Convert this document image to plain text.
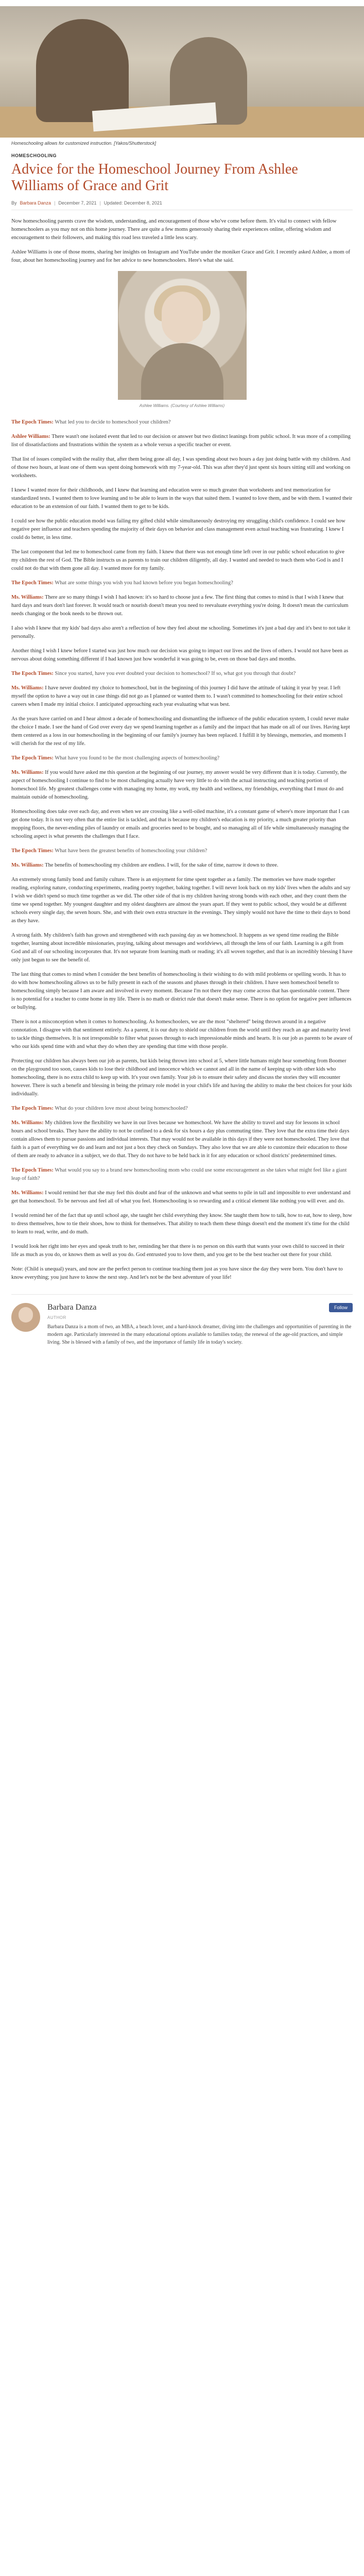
Homeschooling allows for customized instruction. [Yakos/Shutterstock]
HOMESCHOOLING
Advice for the Homeschool Journey From Ashlee Williams of Grace and Grit
By Barbara Danza | December 7, 2021 | Updated: December 8, 2021

Now homeschooling parents crave the wisdom, understanding, and encouragement of those who've come before them. It's vital to connect with fellow homeschoolers as you may not on this home journey. There are quite a few moms generously sharing their experiences online, offering wisdom and encouragement to their followers, and making this road less traveled a little less scary.

Ashlee Williams is one of those moms, sharing her insights on Instagram and YouTube under the moniker Grace and Grit. I recently asked Ashlee, a mom of four, about her homeschooling journey and for her advice to new homeschoolers. Here's what she said.

Ashlee Williams. (Courtesy of Ashlee Williams)

The Epoch Times: What led you to decide to homeschool your children?

Ashlee Williams: There wasn't one isolated event that led to our decision or answer but two distinct leanings from public school. It was more of a compiling list of dissatisfactions and frustrations within the system as a whole versus a specific teacher or event.

That list of issues compiled with the reality that, after them being gone all day, I was spending about two hours a day just doing battle with my children. And of those two hours, at least one of them was spent doing homework with my 7-year-old. This was after they'd just spent six hours sitting still and working on worksheets.

I knew I wanted more for their childhoods, and I knew that learning and education were so much greater than worksheets and test memorization for standardized tests. I wanted them to love learning and to be able to learn in the ways that suited them. I wanted to love them, and be with them. I wanted their education to be an extension of our faith. I wanted them to get to be kids.

I could see how the public education model was failing my gifted child while simultaneously destroying my struggling child's confidence. I could see how negative peer influence and teachers spending the majority of their days on behavior and class management even actual teaching was frustrating. I knew I could do better, in less time.

The last component that led me to homeschool came from my faith. I knew that there was not enough time left over in our public school education to give my children the rest of God. The Bible instructs us as parents to train our children diligently, all day. I wanted and needed to teach them who God is and I could not do that with them gone all day. I wanted more for my family.

The Epoch Times: What are some things you wish you had known before you began homeschooling?

Ms. Williams: There are so many things I wish I had known: it's so hard to choose just a few. The first thing that comes to mind is that I wish I knew that hard days and tears don't last forever. It would teach or nourish doesn't mean you need to reevaluate everything you're doing. It doesn't mean the curriculum needs changing or the book needs to be thrown out.

I also wish I knew that my kids' bad days also aren't a reflection of how they feel about me schooling. Sometimes it's just a bad day and it's best to not take it personally.

Another thing I wish I knew before I started was just how much our decision was going to impact our lives and the lives of others. I would not have been as nervous about doing something different if I had known just how wonderful it was going to be, even on those bad days and months.

The Epoch Times: Since you started, have you ever doubted your decision to homeschool? If so, what got you through that doubt?

Ms. Williams: I have never doubted my choice to homeschool, but in the beginning of this journey I did have the attitude of taking it year by year. I left myself the option to have a way out in case things did not go as I planned or wanted them to. I wasn't committed to homeschooling for their entire school careers when I made my initial choice. I anticipated approaching each year evaluating what was best.

As the years have carried on and I hear almost a decade of homeschooling and dismantling the influence of the public education system, I could never make the choice I made. I see the hand of God over every day we spend learning together as a family and the impact that has made on all of our lives. Having kept them centered as a loss in our homeschooling in the beginning of our family's journey has been replaced. I fulfill it by blessings, memories, and moments I will cherish for the rest of my life.

The Epoch Times: What have you found to be the most challenging aspects of homeschooling?

Ms. Williams: If you would have asked me this question at the beginning of our journey, my answer would be very different than it is today. Currently, the aspect of homeschooling I continue to find to be most challenging actually have very little to do with the actual instructing and teaching portion of homeschool life. My greatest challenges come with managing my home, my work, my health and wellness, my friendships, everything that I must do and maintain outside of homeschooling.

Homeschooling does take over each day, and even when we are crossing like a well-oiled machine, it's a constant game of where's more important that I can get done today. It is not very often that the entire list is tackled, and that is because my children's education is my priority, a much greater priority than mopping floors, the never-ending piles of laundry or emails and groceries need to be bought, and so managing all of life while simultaneously managing the schooling aspect is what presents the challenges that I face.

The Epoch Times: What have been the greatest benefits of homeschooling your children?

Ms. Williams: The benefits of homeschooling my children are endless. I will, for the sake of time, narrow it down to three.

An extremely strong family bond and family culture. There is an enjoyment for time spent together as a family. The memories we have made together reading, exploring nature, conducting experiments, reading poetry together, baking together. I will never look back on my kids' lives when the adults and say I wish we didn't spend so much time together as we did. The other side of that is my children having strong bonds with each other, and they count them the time we spend together. My youngest daughter and my oldest daughters are almost the years apart. If they went to public school, they would be at different schools every single day, the seven hours. She, and with their own extra structure in the evenings. They simply would not have the time to their days to bond as they have.

A strong faith. My children's faith has grown and strengthened with each passing day as we homeschool. It happens as we spend time reading the Bible together, learning about incredible missionaries, praying, talking about messages and worldviews, all through the lens of our faith. Learning is a gift from God and all of our schooling incorporates that. It's not separate from learning math or reading; it's all woven together, and that is an incredibly blessing I have only just begun to see the benefit of.

The last thing that comes to mind when I consider the best benefits of homeschooling is their wishing to do with mild problems or spelling words. It has to do with how homeschooling allows us to be fully present in each of the seasons and phases through in their children. I have seen homeschool benefit to homeschooling simply because I am aware and involved in every moment. Because I'm not there they may come across that has questionable content. There is no potential for a teacher to come home in my life. There is no math or district rule that doesn't make sense. There is no option for negative peer influences or bullying.

There is not a misconception when it comes to homeschooling. As homeschoolers, we are the most "sheltered" being thrown around in a negative connotation. I disagree with that sentiment entirely. As a parent, it is our duty to shield our children from the world until they reach an age and maturity level to tackle things themselves. It is not irresponsible to filter what passes through to each impressionable minds and hearts. It is our job as parents to be aware of who our kids spend time with and what they do when they are spending that time with those people.

Protecting our children has always been our job as parents, but kids being thrown into school at 5, where little humans might hear something from Boomer on the playground too soon, causes kids to lose their childhood and innocence which we cannot and all in the name of keeping up with other kids who homeschooling, there is no extra child to keep up with. It's your own family. Your job is to ensure their safety and discuss the stories they will encounter however. There is such a benefit and blessing in being the primary role model in your child's life and having the ability to make the best choices for your kids individually.

The Epoch Times: What do your children love most about being homeschooled?

Ms. Williams: My children love the flexibility we have in our lives because we homeschool. We have the ability to travel and stay for lessons in school hours and school breaks. They have the ability to not be confined to a desk for six hours a day plus commuting time. They love that the extra time their days contain allows them to pursue passions and individual interests. That may would not be available in this days if they were not homeschooled. They love that faith is a part of everything we do and learn and not just a box they check on Sundays. They also love that we are able to customize their education to those of them are ready to advance in a subject, we do that. They do not have to be held back in it for any education or school districts' predetermined times.

The Epoch Times: What would you say to a brand new homeschooling mom who could use some encouragement as she takes what might feel like a giant leap of faith?

Ms. Williams: I would remind her that she may feel this doubt and fear of the unknown and what seems to pile in tall and impossible to ever understand and get that homeschool. To be nervous and feel all of what you feel. Homeschooling is so rewarding and a critical element like nothing you will ever. and do.

I would remind her of the fact that up until school age, she taught her child everything they know. She taught them how to talk, how to eat, how to sleep, how to dress themselves, how to tie their shoes, how to think for themselves. That ability to teach them these things doesn't end the moment it's time for the child to learn to read, write, and do math.

I would look her right into her eyes and speak truth to her, reminding her that there is no person on this earth that wants your own child to succeed in their life as much as you do, or knows them as well as you do. God entrusted you to love them, and you get to be the best teacher out there for your child.

Note: (Child is unequal) years, and now are the perfect person to continue teaching them just as you have since the day they were born. You don't have to know everything; you just have to know the next step. And let's not be the best adventure of your life!

Barbara Danza	Follow
AUTHOR
Barbara Danza is a mom of two, an MBA, a beach lover, and a hard-knock dreamer, diving into the challenges and opportunities of parenting in the modern age. Particularly interested in the many educational options available to families today, the renewal of the age-old practices, and simple living. She is blessed with a family of two, and the importance of family life in today's society.
